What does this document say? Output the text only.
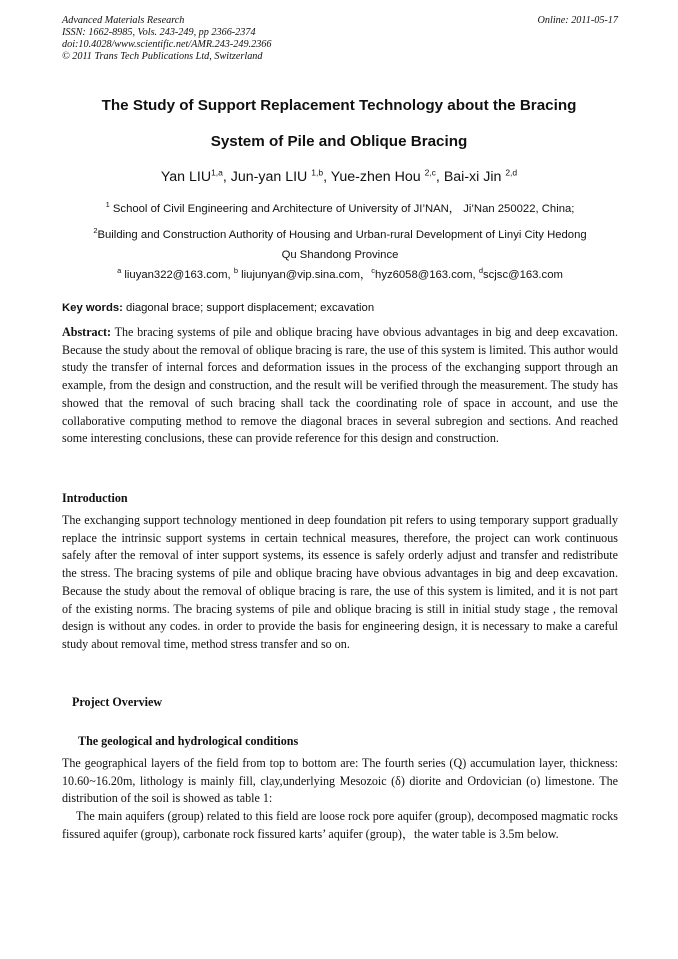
Advanced Materials Research	Online: 2011-05-17
ISSN: 1662-8985, Vols. 243-249, pp 2366-2374
doi:10.4028/www.scientific.net/AMR.243-249.2366
© 2011 Trans Tech Publications Ltd, Switzerland
The Study of Support Replacement Technology about the Bracing
System of Pile and Oblique Bracing
Yan LIU$^{1,a}$, Jun-yan LIU $^{1,b}$, Yue-zhen Hou $^{2,c}$, Bai-xi Jin $^{2,d}$
$^1$ School of Civil Engineering and Architecture of University of JI’NAN， Ji’Nan 250022, China;
$^2$Building and Construction Authority of Housing and Urban-rural Development of Linyi City Hedong
Qu Shandong Province
$^a$ liuyan322@163.com, $^b$ liujunyan@vip.sina.com，$^c$hyz6058@163.com, $^d$scjsc@163.com
Key words: diagonal brace; support displacement; excavation
Abstract: The bracing systems of pile and oblique bracing have obvious advantages in big and deep excavation. Because the study about the removal of oblique bracing is rare, the use of this system is limited. This author would study the transfer of internal forces and deformation issues in the process of the exchanging support through an example, from the design and construction, and the result will be verified through the measurement. The study has showed that the removal of such bracing shall tack the coordinating role of space in account, and use the collaborative computing method to remove the diagonal braces in several subregion and sections. And reached some interesting conclusions, these can provide reference for this design and construction.
Introduction
The exchanging support technology mentioned in deep foundation pit refers to using temporary support gradually replace the intrinsic support systems in certain technical measures, therefore, the project can work continuous safely after the removal of inter support systems, its essence is safely orderly adjust and transfer and redistribute the stress. The bracing systems of pile and oblique bracing have obvious advantages in big and deep excavation. Because the study about the removal of oblique bracing is rare, the use of this system is limited, and it is not part of the existing norms. The bracing systems of pile and oblique bracing is still in initial study stage , the removal design is without any codes. in order to provide the basis for engineering design, it is necessary to make a careful study about removal time, method stress transfer and so on.
Project Overview
The geological and hydrological conditions
The geographical layers of the field from top to bottom are: The fourth series (Q) accumulation layer, thickness: 10.60~16.20m, lithology is mainly fill, clay,underlying Mesozoic (δ) diorite and Ordovician (o) limestone. The distribution of the soil is showed as table 1:
The main aquifers (group) related to this field are loose rock pore aquifer (group), decomposed magmatic rocks fissured aquifer (group), carbonate rock fissured karts’ aquifer (group)，the water table is 3.5m below.
